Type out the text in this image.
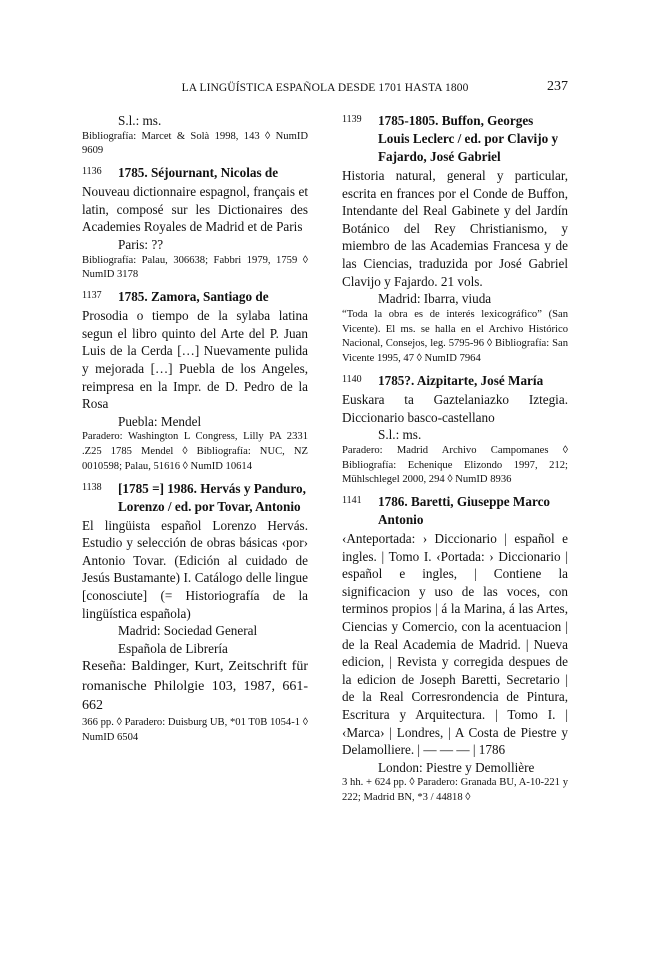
LA LINGÜÍSTICA ESPAÑOLA DESDE 1701 HASTA 1800	237

S.l.: ms.

Bibliografía: Marcet & Solà 1998, 143 ◊ NumID 9609

1136 1785. Séjournant, Nicolas de

Nouveau dictionnaire espagnol, français et latin, composé sur les Dictionaires des Academies Royales de Madrid et de Paris

Paris: ??

Bibliografía: Palau, 306638; Fabbri 1979, 1759 ◊ NumID 3178

1137 1785. Zamora, Santiago de

Prosodia o tiempo de la sylaba latina segun el libro quinto del Arte del P. Juan Luis de la Cerda […] Nuevamente pulida y mejorada […] Puebla de los Angeles, reimpresa en la Impr. de D. Pedro de la Rosa

Puebla: Mendel

Paradero: Washington L Congress, Lilly PA 2331 .Z25 1785 Mendel ◊ Bibliografía: NUC, NZ 0010598; Palau, 51616 ◊ NumID 10614

1138 [1785 =] 1986. Hervás y Panduro, Lorenzo / ed. por Tovar, Antonio

El lingüista español Lorenzo Hervás. Estudio y selección de obras básicas ‹por› Antonio Tovar. (Edición al cuidado de Jesús Bustamante) I. Catálogo delle lingue [conosciute] (= Historiografía de la lingüística española)

Madrid: Sociedad General

Española de Librería

Reseña: Baldinger, Kurt, Zeitschrift für romanische Philolgie 103, 1987, 661-662

366 pp. ◊ Paradero: Duisburg UB, *01 T0B 1054-1 ◊ NumID 6504

1139 1785-1805. Buffon, Georges Louis Leclerc / ed. por Clavijo y Fajardo, José Gabriel

Historia natural, general y particular, escrita en frances por el Conde de Buffon, Intendante del Real Gabinete y del Jardín Botánico del Rey Christianismo, y miembro de las Academias Francesa y de las Ciencias, traduzida por José Gabriel Clavijo y Fajardo. 21 vols.

Madrid: Ibarra, viuda

“Toda la obra es de interés lexicográfico” (San Vicente). El ms. se halla en el Archivo Histórico Nacional, Consejos, leg. 5795-96 ◊ Bibliografía: San Vicente 1995, 47 ◊ NumID 7964

1140 1785?. Aizpitarte, José María

Euskara ta Gaztelaniazko Iztegia. Diccionario basco-castellano

S.l.: ms.

Paradero: Madrid Archivo Campomanes ◊ Bibliografía: Echenique Elizondo 1997, 212; Mühlschlegel 2000, 294 ◊ NumID 8936

1141 1786. Baretti, Giuseppe Marco Antonio

‹Anteportada: › Diccionario | español e ingles. | Tomo I. ‹Portada: › Diccionario | español e ingles, | Contiene la significacion y uso de las voces, con terminos propios | á la Marina, á las Artes, Ciencias y Comercio, con la acentuacion | de la Real Academia de Madrid. | Nueva edicion, | Revista y corregida despues de la edicion de Joseph Baretti, Secretario | de la Real Corresrondencia de Pintura, Escritura y Arquitectura. | Tomo I. | ‹Marca› | Londres, | A Costa de Piestre y Delamolliere. | — — — | 1786

London: Piestre y Demollière

3 hh. + 624 pp. ◊ Paradero: Granada BU, A-10-221 y 222; Madrid BN, *3 / 44818 ◊
